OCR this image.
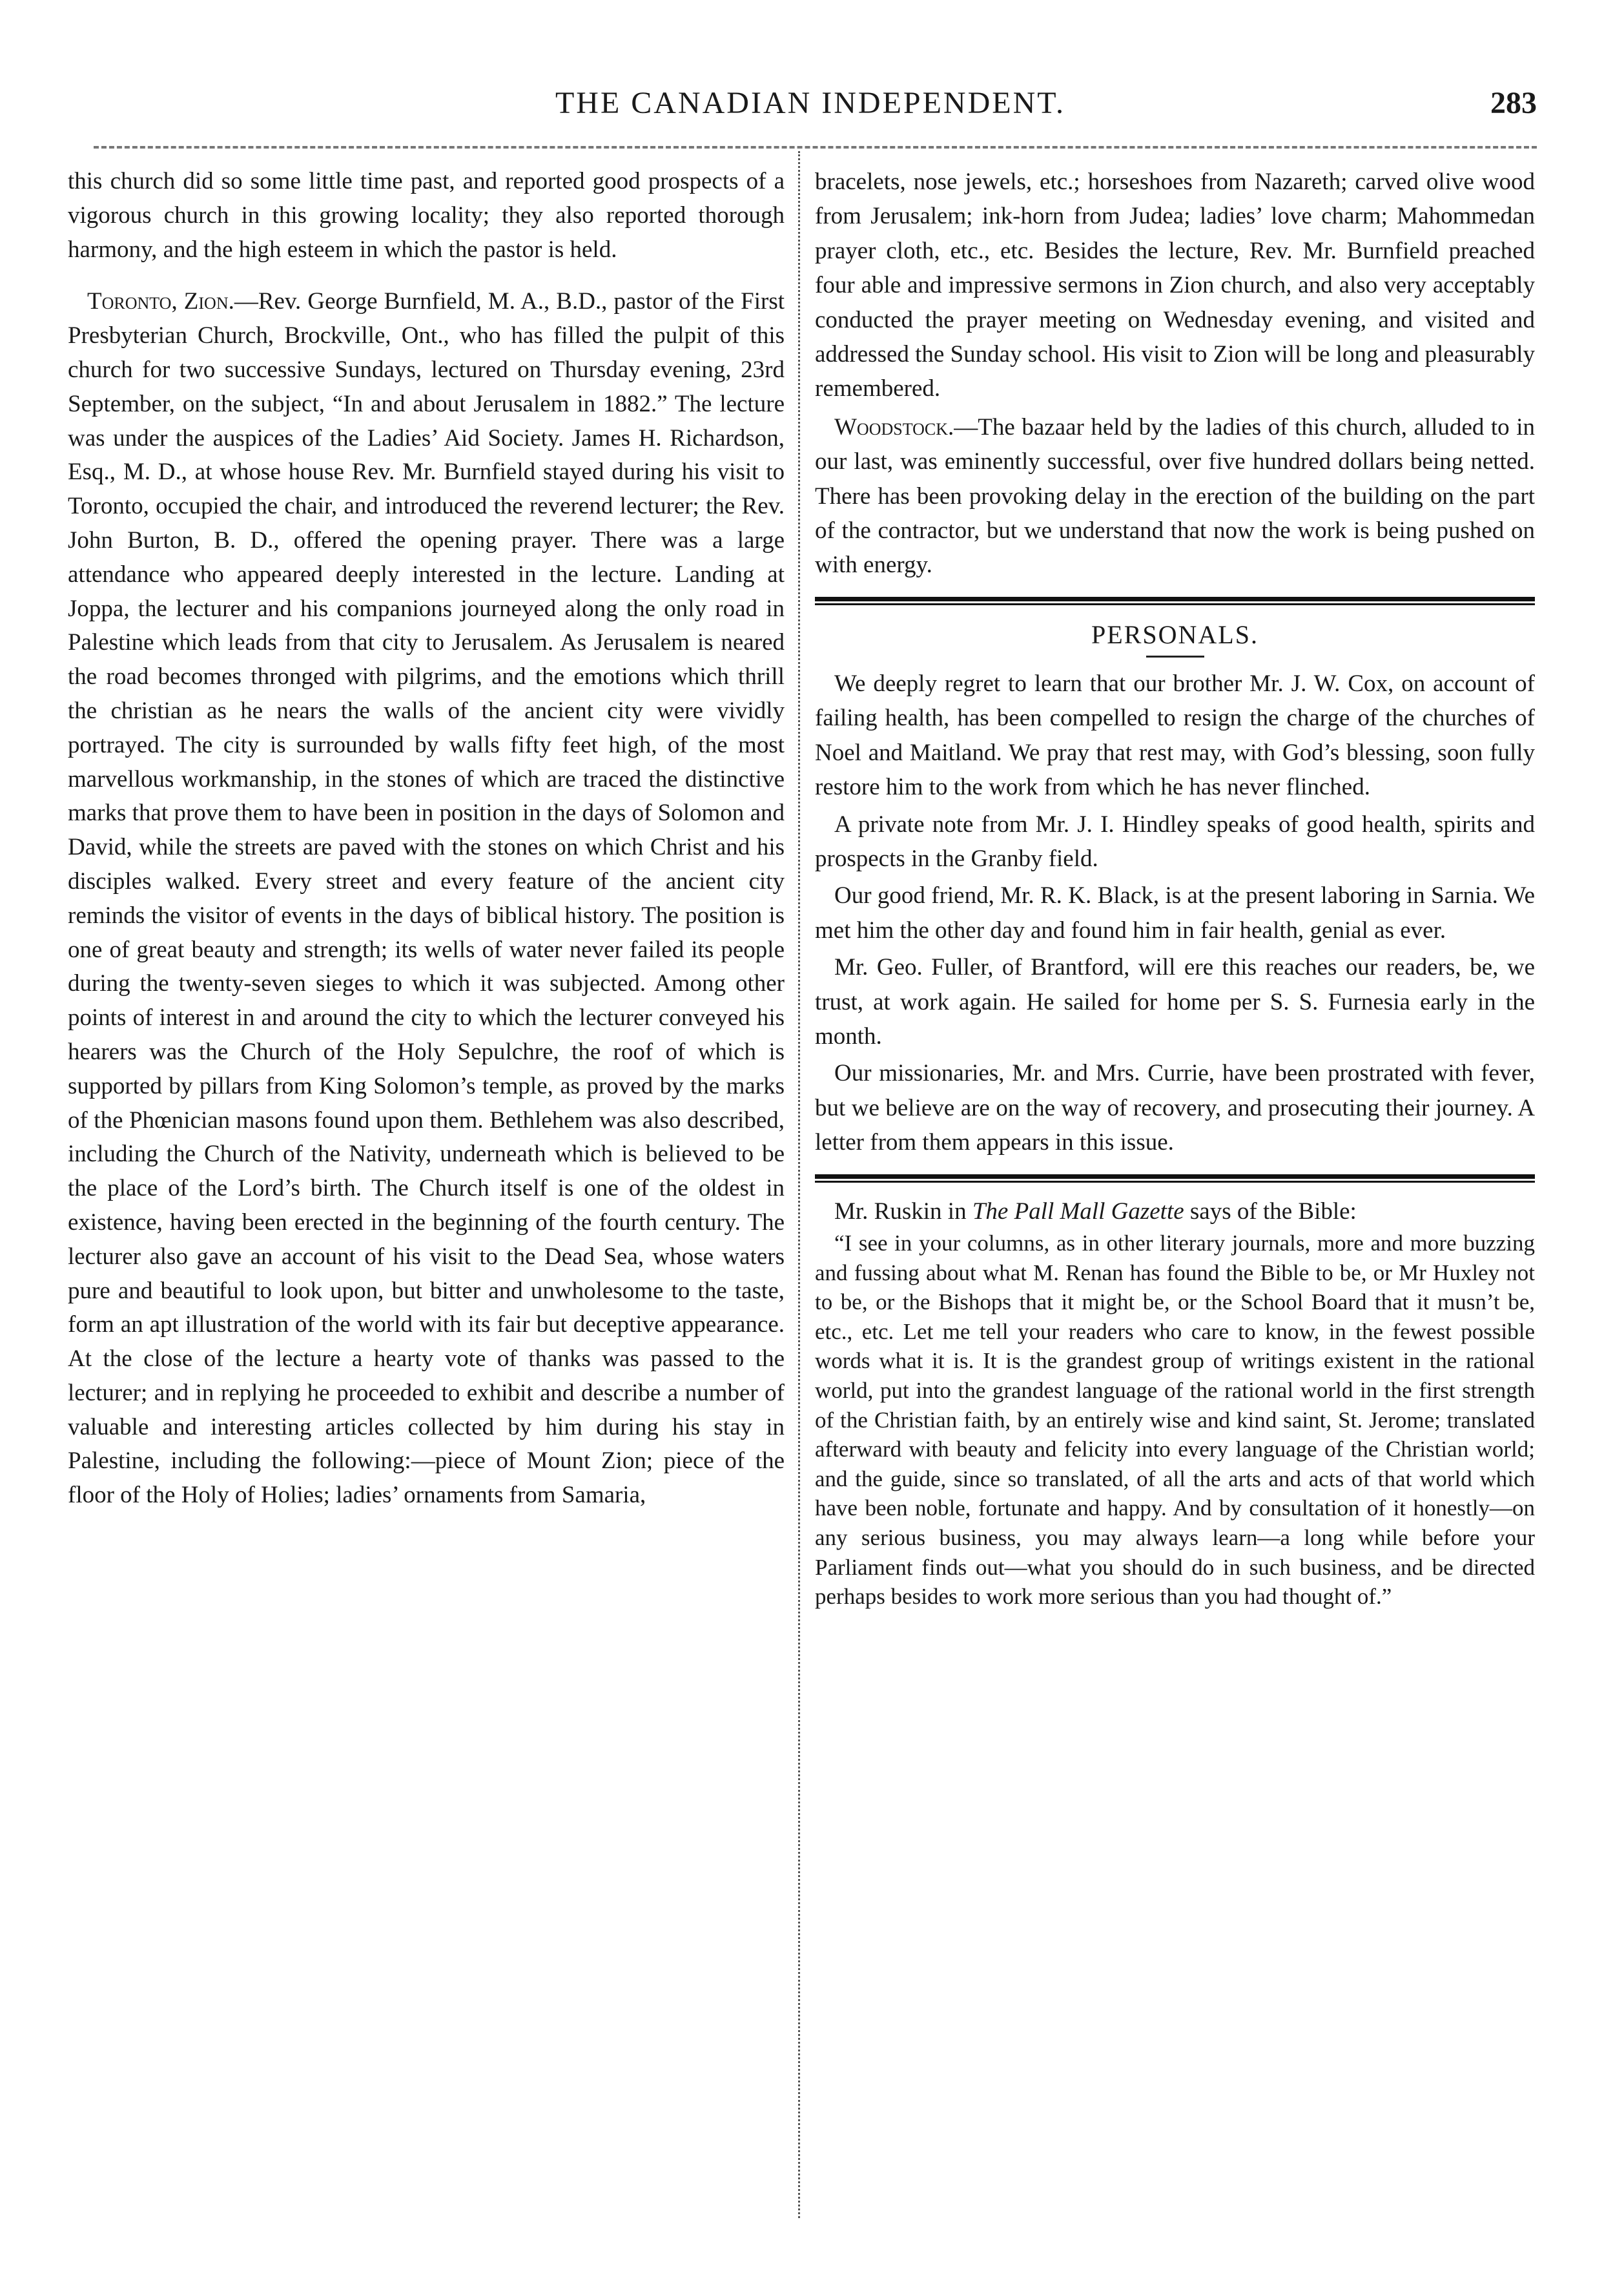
THE CANADIAN INDEPENDENT.	283

this church did so some little time past, and reported good prospects of a vigorous church in this growing locality; they also reported thorough harmony, and the high esteem in which the pastor is held.

Toronto, Zion.—Rev. George Burnfield, M. A., B.D., pastor of the First Presbyterian Church, Brockville, Ont., who has filled the pulpit of this church for two successive Sundays, lectured on Thursday evening, 23rd September, on the subject, “In and about Jerusalem in 1882.” The lecture was under the auspices of the Ladies’ Aid Society. James H. Richardson, Esq., M. D., at whose house Rev. Mr. Burnfield stayed during his visit to Toronto, occupied the chair, and introduced the reverend lecturer; the Rev. John Burton, B. D., offered the opening prayer. There was a large attendance who appeared deeply interested in the lecture. Landing at Joppa, the lecturer and his companions journeyed along the only road in Palestine which leads from that city to Jerusalem. As Jerusalem is neared the road becomes thronged with pilgrims, and the emotions which thrill the christian as he nears the walls of the ancient city were vividly portrayed. The city is surrounded by walls fifty feet high, of the most marvellous workmanship, in the stones of which are traced the distinctive marks that prove them to have been in position in the days of Solomon and David, while the streets are paved with the stones on which Christ and his disciples walked. Every street and every feature of the ancient city reminds the visitor of events in the days of biblical history. The position is one of great beauty and strength; its wells of water never failed its people during the twenty-seven sieges to which it was subjected. Among other points of interest in and around the city to which the lecturer conveyed his hearers was the Church of the Holy Sepulchre, the roof of which is supported by pillars from King Solomon’s temple, as proved by the marks of the Phœnician masons found upon them. Bethlehem was also described, including the Church of the Nativity, underneath which is believed to be the place of the Lord’s birth. The Church itself is one of the oldest in existence, having been erected in the beginning of the fourth century. The lecturer also gave an account of his visit to the Dead Sea, whose waters pure and beautiful to look upon, but bitter and unwholesome to the taste, form an apt illustration of the world with its fair but deceptive appearance. At the close of the lecture a hearty vote of thanks was passed to the lecturer; and in replying he proceeded to exhibit and describe a number of valuable and interesting articles collected by him during his stay in Palestine, including the following:—piece of Mount Zion; piece of the floor of the Holy of Holies; ladies’ ornaments from Samaria,

bracelets, nose jewels, etc.; horseshoes from Nazareth; carved olive wood from Jerusalem; ink-horn from Judea; ladies’ love charm; Mahommedan prayer cloth, etc., etc. Besides the lecture, Rev. Mr. Burnfield preached four able and impressive sermons in Zion church, and also very acceptably conducted the prayer meeting on Wednesday evening, and visited and addressed the Sunday school. His visit to Zion will be long and pleasurably remembered.

Woodstock.—The bazaar held by the ladies of this church, alluded to in our last, was eminently successful, over five hundred dollars being netted. There has been provoking delay in the erection of the building on the part of the contractor, but we understand that now the work is being pushed on with energy.

PERSONALS.

We deeply regret to learn that our brother Mr. J. W. Cox, on account of failing health, has been compelled to resign the charge of the churches of Noel and Maitland. We pray that rest may, with God’s blessing, soon fully restore him to the work from which he has never flinched.

A private note from Mr. J. I. Hindley speaks of good health, spirits and prospects in the Granby field.

Our good friend, Mr. R. K. Black, is at the present laboring in Sarnia. We met him the other day and found him in fair health, genial as ever.

Mr. Geo. Fuller, of Brantford, will ere this reaches our readers, be, we trust, at work again. He sailed for home per S. S. Furnesia early in the month.

Our missionaries, Mr. and Mrs. Currie, have been prostrated with fever, but we believe are on the way of recovery, and prosecuting their journey. A letter from them appears in this issue.

Mr. Ruskin in The Pall Mall Gazette says of the Bible:

“I see in your columns, as in other literary journals, more and more buzzing and fussing about what M. Renan has found the Bible to be, or Mr Huxley not to be, or the Bishops that it might be, or the School Board that it musn’t be, etc., etc. Let me tell your readers who care to know, in the fewest possible words what it is. It is the grandest group of writings existent in the rational world, put into the grandest language of the rational world in the first strength of the Christian faith, by an entirely wise and kind saint, St. Jerome; translated afterward with beauty and felicity into every language of the Christian world; and the guide, since so translated, of all the arts and acts of that world which have been noble, fortunate and happy. And by consultation of it honestly—on any serious business, you may always learn—a long while before your Parliament finds out—what you should do in such business, and be directed perhaps besides to work more serious than you had thought of.”
